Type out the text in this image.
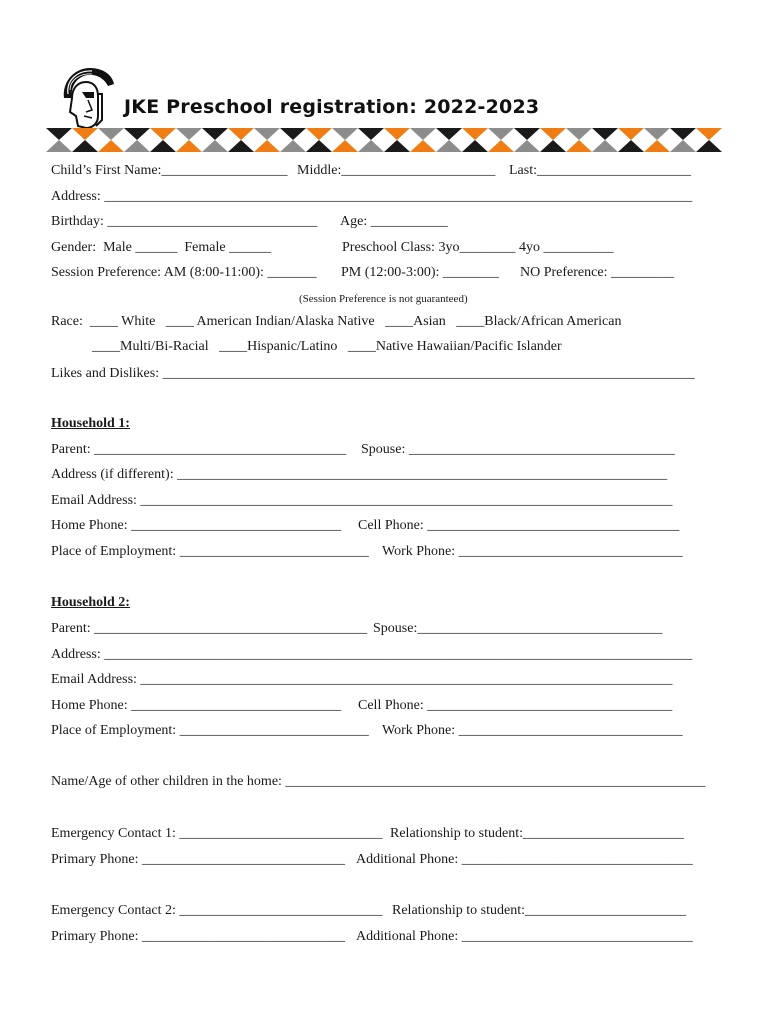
JKE Preschool registration: 2022-2023
Child’s First Name:__________________ Middle:______________________ Last:______________________
Address: ____________________________________________________________________________________
Birthday: ______________________________ Age: ___________
Gender:  Male ______  Female ______	Preschool Class: 3yo________ 4yo __________
Session Preference: AM (8:00-11:00): _______ PM (12:00-3:00): ________ NO Preference: _________
(Session Preference is not guaranteed)
Race:  ____ White   ____ American Indian/Alaska Native   ____Asian   ____Black/African American
____Multi/Bi-Racial   ____Hispanic/Latino   ____Native Hawaiian/Pacific Islander
Likes and Dislikes: ____________________________________________________________________________
Household 1:
Parent: ____________________________________ Spouse: ______________________________________
Address (if different): ______________________________________________________________________
Email Address: ____________________________________________________________________________
Home Phone: ______________________________ Cell Phone: ____________________________________
Place of Employment: ___________________________ Work Phone: ________________________________
Household 2:
Parent: _______________________________________ Spouse:___________________________________
Address: ____________________________________________________________________________________
Email Address: ____________________________________________________________________________
Home Phone: ______________________________ Cell Phone: ___________________________________
Place of Employment: ___________________________ Work Phone: ________________________________
Name/Age of other children in the home: ____________________________________________________________
Emergency Contact 1: _____________________________ Relationship to student:_______________________
Primary Phone: _____________________________ Additional Phone: _________________________________
Emergency Contact 2: _____________________________ Relationship to student:_______________________
Primary Phone: _____________________________ Additional Phone: _________________________________
